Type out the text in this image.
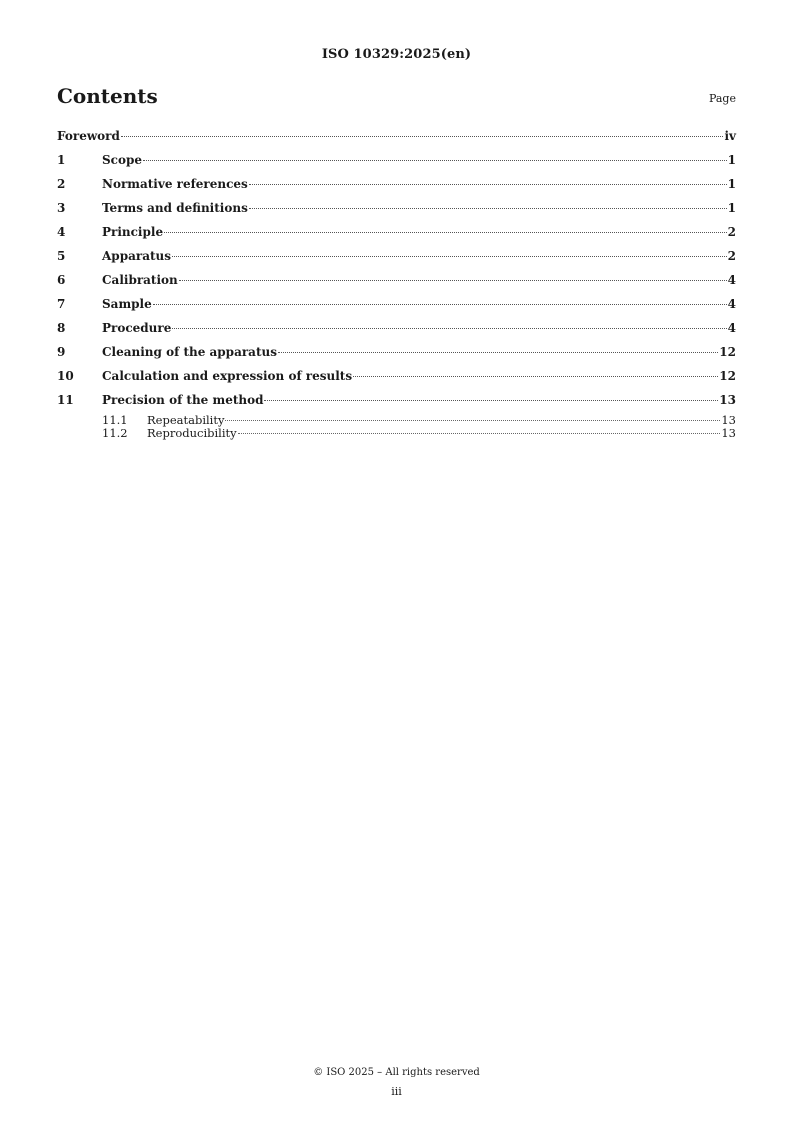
ISO 10329:2025(en)
Contents	Page
Foreword	iv
1	Scope	1
2	Normative references	1
3	Terms and definitions	1
4	Principle	2
5	Apparatus	2
6	Calibration	4
7	Sample	4
8	Procedure	4
9	Cleaning of the apparatus	12
10	Calculation and expression of results	12
11	Precision of the method	13
11.1	Repeatability	13
11.2	Reproducibility	13
© ISO 2025 – All rights reserved
iii
